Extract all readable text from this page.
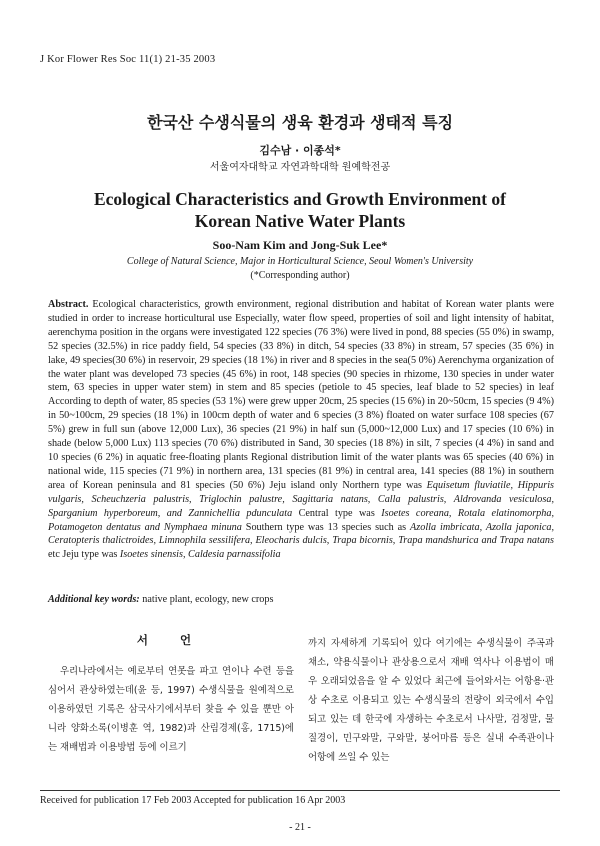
J Kor Flower Res Soc 11(1) 21-35 2003
한국산 수생식물의 생육 환경과 생태적 특징
김수남 · 이종석*
서울여자대학교 자연과학대학 원예학전공
Ecological Characteristics and Growth Environment of
Korean Native Water Plants
Soo-Nam Kim and Jong-Suk Lee*
College of Natural Science, Major in Horticultural Science, Seoul Women's University
(*Corresponding author)
Abstract. Ecological characteristics, growth environment, regional distribution and habitat of Korean water plants were studied in order to increase horticultural use Especially, water flow speed, properties of soil and light intensity of habitat, aerenchyma position in the organs were investigated 122 species (76 3%) were lived in pond, 88 species (55 0%) in swamp, 52 species (32.5%) in rice paddy field, 54 species (33 8%) in ditch, 54 species (33 8%) in stream, 57 species (35 6%) in lake, 49 species(30 6%) in reservoir, 29 species (18 1%) in river and 8 species in the sea(5 0%) Aerenchyma organization of the water plant was developed 73 species (45 6%) in root, 148 species (90 species in rhizome, 130 species in under water stem, 63 species in upper water stem) in stem and 85 species (petiole to 45 species, leaf blade to 52 species) in leaf According to depth of water, 85 species (53 1%) were grew upper 20cm, 25 species (15 6%) in 20~50cm, 15 species (9 4%) in 50~100cm, 29 species (18 1%) in 100cm depth of water and 6 species (3 8%) floated on water surface 108 species (67 5%) grew in full sun (above 12,000 Lux), 36 species (21 9%) in half sun (5,000~12,000 Lux) and 17 species (10 6%) in shade (below 5,000 Lux) 113 species (70 6%) distributed in Sand, 30 species (18 8%) in silt, 7 species (4 4%) in sand and 10 species (6 2%) in aquatic free-floating plants Regional distribution limit of the water plants was 65 species (40 6%) in national wide, 115 species (71 9%) in northern area, 131 species (81 9%) in central area, 141 species (88 1%) in southern area of Korean peninsula and 81 species (50 6%) Jeju island only Northern type was Equisetum fluviatile, Hippuris vulgaris, Scheuchzeria palustris, Triglochin palustre, Sagittaria natans, Calla palustris, Aldrovanda vesiculosa, Sparganium hyperboreum, and Zannichellia pdunculata Central type was Isoetes coreana, Rotala elatinomorpha, Potamogeton dentatus and Nymphaea minuna Southern type was 13 species such as Azolla imbricata, Azolla japonica, Ceratopteris thalictroides, Limnophila sessilifera, Eleocharis dulcis, Trapa bicornis, Trapa mandshurica and Trapa natans etc Jeju type was Isoetes sinensis, Caldesia parnassifolia
Additional key words: native plant, ecology, new crops
서 언

우리나라에서는 예로부터 연못을 파고 연이나 수련 등을 심어서 관상하였는데(윤 등, 1997) 수생식물을 원예적으로 이용하였던 기록은 삼국사기에서부터 찾을 수 있을 뿐만 아니라 양화소록(이병훈 역, 1982)과 산림경제(홍, 1715)에는 재배법과 이용방법 등에 이르기

까지 자세하게 기록되어 있다 여기에는 수생식물이 주곡과 채소, 약용식물이나 관상용으로서 재배 역사나 이용법이 매우 오래되었음을 알 수 있었다 최근에 들어와서는 어항용·관상 수초로 이용되고 있는 수생식물의 전량이 외국에서 수입되고 있는 데 한국에 자생하는 수초로서 나사말, 검정말, 물질경이, 민구와말, 구와말, 붕어마름 등은 실내 수족관이나 어항에 쓰일 수 있는

Received for publication 17 Feb 2003 Accepted for publication 16 Apr 2003
- 21 -
